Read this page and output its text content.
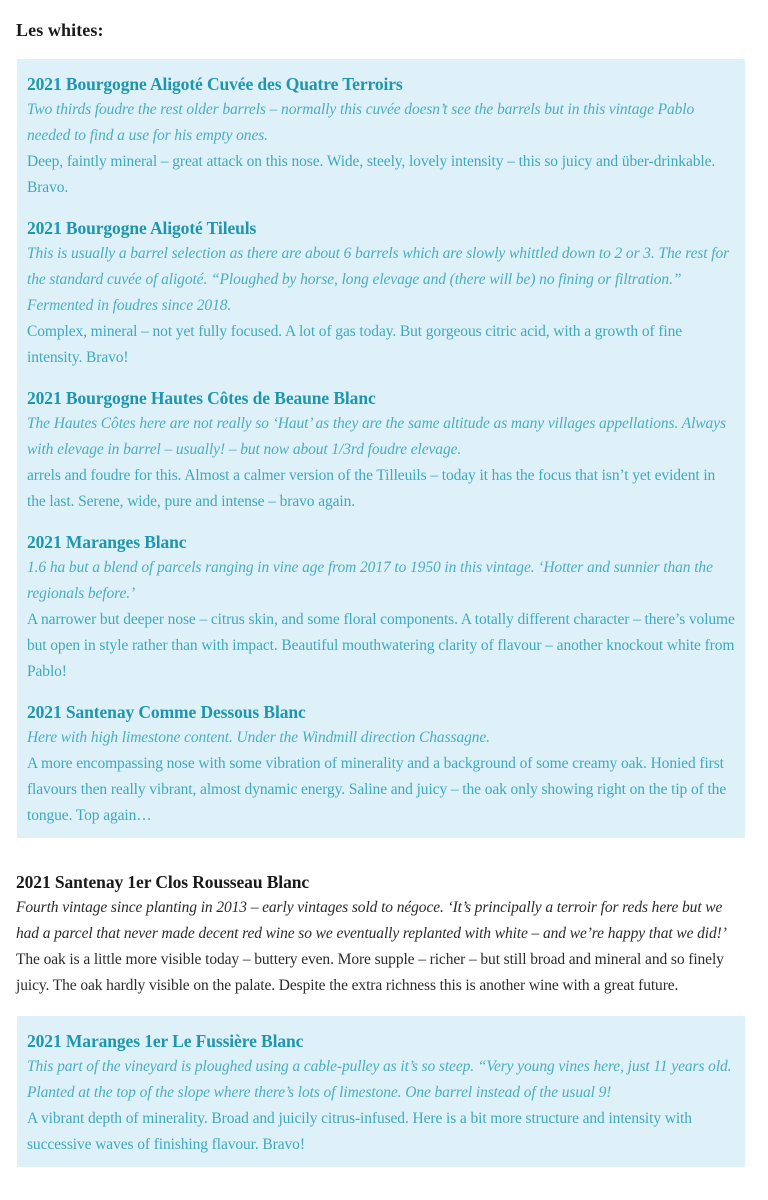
Les whites:
2021 Bourgogne Aligoté Cuvée des Quatre Terroirs

Two thirds foudre the rest older barrels – normally this cuvée doesn’t see the barrels but in this vintage Pablo needed to find a use for his empty ones.

Deep, faintly mineral – great attack on this nose. Wide, steely, lovely intensity – this so juicy and über-drinkable. Bravo.

2021 Bourgogne Aligoté Tileuls

This is usually a barrel selection as there are about 6 barrels which are slowly whittled down to 2 or 3. The rest for the standard cuvée of aligoté. “Ploughed by horse, long elevage and (there will be) no fining or filtration.” Fermented in foudres since 2018.

Complex, mineral – not yet fully focused. A lot of gas today. But gorgeous citric acid, with a growth of fine intensity. Bravo!

2021 Bourgogne Hautes Côtes de Beaune Blanc

The Hautes Côtes here are not really so ‘Haut’ as they are the same altitude as many villages appellations. Always with elevage in barrel – usually! – but now about 1/3rd foudre elevage.

arrels and foudre for this. Almost a calmer version of the Tilleuils – today it has the focus that isn’t yet evident in the last. Serene, wide, pure and intense – bravo again.

2021 Maranges Blanc

1.6 ha but a blend of parcels ranging in vine age from 2017 to 1950 in this vintage. ‘Hotter and sunnier than the regionals before.’

A narrower but deeper nose – citrus skin, and some floral components. A totally different character – there’s volume but open in style rather than with impact. Beautiful mouthwatering clarity of flavour – another knockout white from Pablo!

2021 Santenay Comme Dessous Blanc

Here with high limestone content. Under the Windmill direction Chassagne.

A more encompassing nose with some vibration of minerality and a background of some creamy oak. Honied first flavours then really vibrant, almost dynamic energy. Saline and juicy – the oak only showing right on the tip of the tongue. Top again…

2021 Santenay 1er Clos Rousseau Blanc

Fourth vintage since planting in 2013 – early vintages sold to négoce. ‘It’s principally a terroir for reds here but we had a parcel that never made decent red wine so we eventually replanted with white – and we’re happy that we did!’

The oak is a little more visible today – buttery even. More supple – richer – but still broad and mineral and so finely juicy. The oak hardly visible on the palate. Despite the extra richness this is another wine with a great future.

2021 Maranges 1er Le Fussière Blanc

This part of the vineyard is ploughed using a cable-pulley as it’s so steep. “Very young vines here, just 11 years old. Planted at the top of the slope where there’s lots of limestone. One barrel instead of the usual 9!

A vibrant depth of minerality. Broad and juicily citrus-infused. Here is a bit more structure and intensity with successive waves of finishing flavour. Bravo!
